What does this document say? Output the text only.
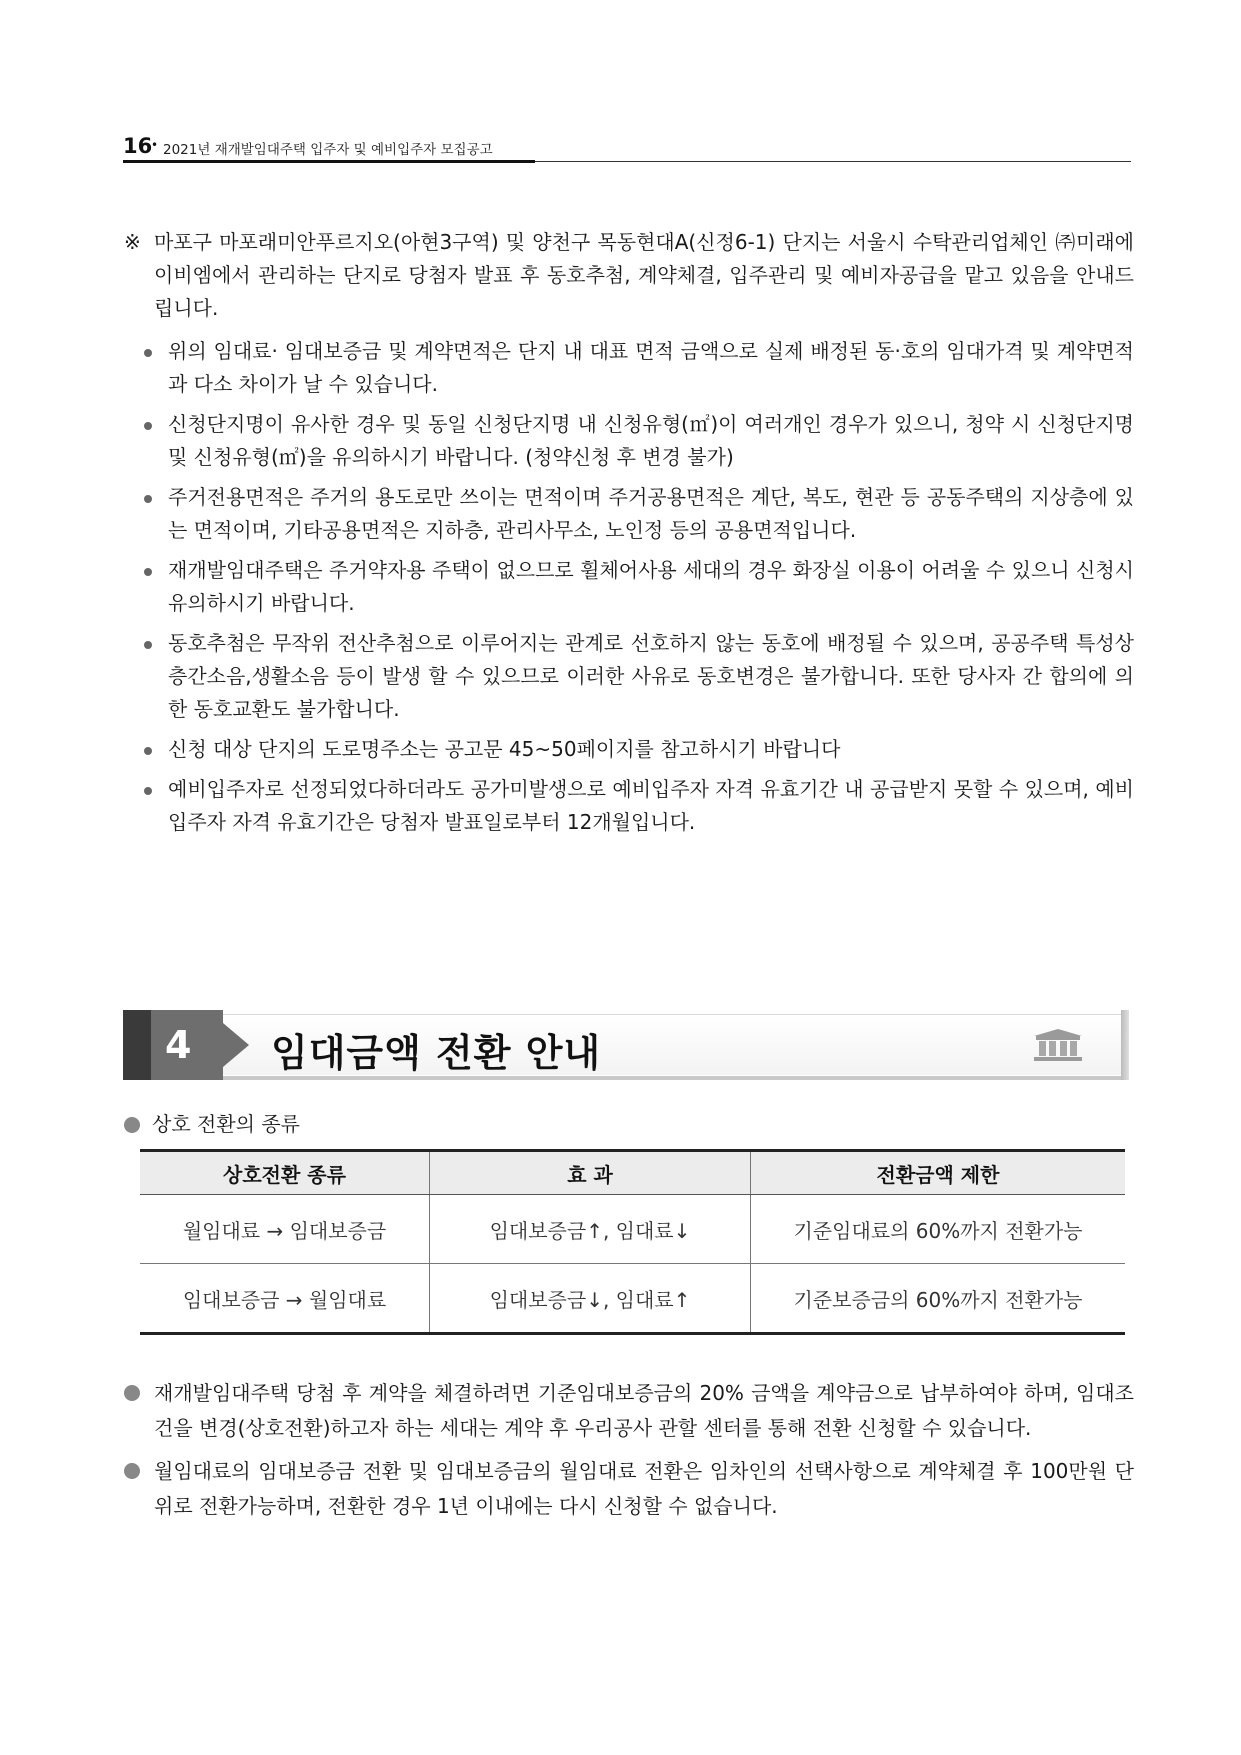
16
• 2021년 재개발임대주택 입주자 및 예비입주자 모집공고
※ 마포구 마포래미안푸르지오(아현3구역) 및 양천구 목동현대A(신정6-1) 단지는 서울시 수탁관리업체인 ㈜미래에이비엠에서 관리하는 단지로 당첨자 발표 후 동호추첨, 계약체결, 입주관리 및 예비자공급을 맡고 있음을 안내드립니다.
위의 임대료· 임대보증금 및 계약면적은 단지 내 대표 면적 금액으로 실제 배정된 동·호의 임대가격 및 계약면적과 다소 차이가 날 수 있습니다.
신청단지명이 유사한 경우 및 동일 신청단지명 내 신청유형(㎡)이 여러개인 경우가 있으니, 청약 시 신청단지명 및 신청유형(㎡)을 유의하시기 바랍니다. (청약신청 후 변경 불가)
주거전용면적은 주거의 용도로만 쓰이는 면적이며 주거공용면적은 계단, 복도, 현관 등 공동주택의 지상층에 있는 면적이며, 기타공용면적은 지하층, 관리사무소, 노인정 등의 공용면적입니다.
재개발임대주택은 주거약자용 주택이 없으므로 휠체어사용 세대의 경우 화장실 이용이 어려울 수 있으니 신청시 유의하시기 바랍니다.
동호추첨은 무작위 전산추첨으로 이루어지는 관계로 선호하지 않는 동호에 배정될 수 있으며, 공공주택 특성상 층간소음,생활소음 등이 발생 할 수 있으므로 이러한 사유로 동호변경은 불가합니다. 또한 당사자 간 합의에 의한 동호교환도 불가합니다.
신청 대상 단지의 도로명주소는 공고문 45~50페이지를 참고하시기 바랍니다
예비입주자로 선정되었다하더라도 공가미발생으로 예비입주자 자격 유효기간 내 공급받지 못할 수 있으며, 예비입주자 자격 유효기간은 당첨자 발표일로부터 12개월입니다.
4 임대금액 전환 안내
상호 전환의 종류
상호전환 종류	효 과	전환금액 제한
월임대료 → 임대보증금	임대보증금↑, 임대료↓	기준임대료의 60%까지 전환가능
임대보증금 → 월임대료	임대보증금↓, 임대료↑	기준보증금의 60%까지 전환가능
재개발임대주택 당첨 후 계약을 체결하려면 기준임대보증금의 20% 금액을 계약금으로 납부하여야 하며, 임대조건을 변경(상호전환)하고자 하는 세대는 계약 후 우리공사 관할 센터를 통해 전환 신청할 수 있습니다.
월임대료의 임대보증금 전환 및 임대보증금의 월임대료 전환은 임차인의 선택사항으로 계약체결 후 100만원 단위로 전환가능하며, 전환한 경우 1년 이내에는 다시 신청할 수 없습니다.
